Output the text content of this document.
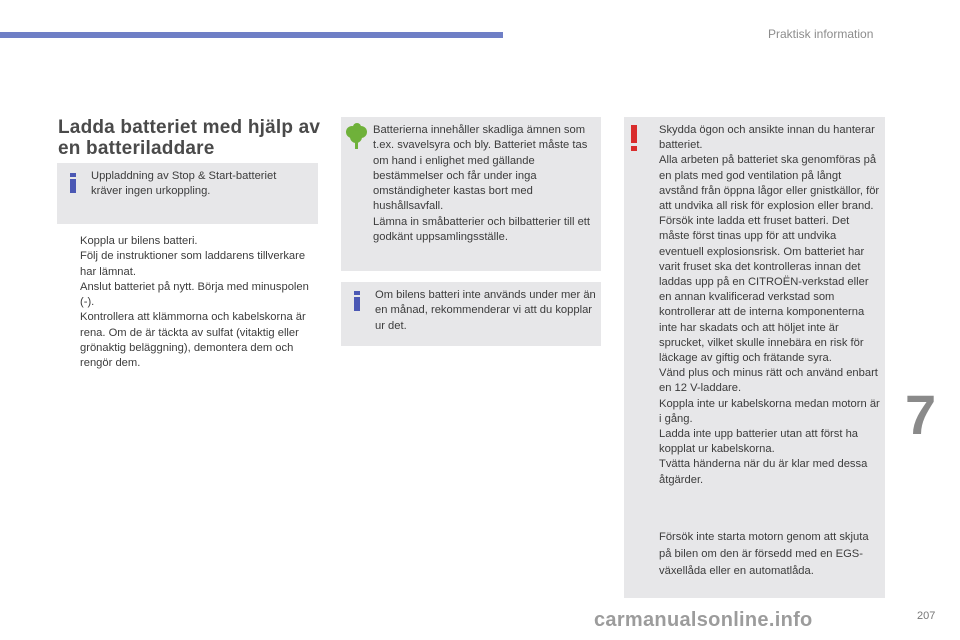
Praktisk information
Ladda batteriet med hjälp av en batteriladdare
Uppladdning av Stop & Start-batteriet kräver ingen urkoppling.
Koppla ur bilens batteri.
Följ de instruktioner som laddarens tillverkare har lämnat.
Anslut batteriet på nytt. Börja med minuspolen (-).
Kontrollera att klämmorna och kabelskorna är rena. Om de är täckta av sulfat (vitaktig eller grönaktig beläggning), demontera dem och rengör dem.
Batterierna innehåller skadliga ämnen som t.ex. svavelsyra och bly. Batteriet måste tas om hand i enlighet med gällande bestämmelser och får under inga omständigheter kastas bort med hushållsavfall.
Lämna in småbatterier och bilbatterier till ett godkänt uppsamlingsställe.
Om bilens batteri inte används under mer än en månad, rekommenderar vi att du kopplar ur det.
Skydda ögon och ansikte innan du hanterar batteriet.
Alla arbeten på batteriet ska genomföras på en plats med god ventilation på långt avstånd från öppna lågor eller gnistkällor, för att undvika all risk för explosion eller brand.
Försök inte ladda ett fruset batteri. Det måste först tinas upp för att undvika eventuell explosionsrisk. Om batteriet har varit fruset ska det kontrolleras innan det laddas upp på en CITROËN-verkstad eller en annan kvalificerad verkstad som kontrollerar att de interna komponenterna inte har skadats och att höljet inte är sprucket, vilket skulle innebära en risk för läckage av giftig och frätande syra.
Vänd plus och minus rätt och använd enbart en 12 V-laddare.
Koppla inte ur kabelskorna medan motorn är i gång.
Ladda inte upp batterier utan att först ha kopplat ur kabelskorna.
Tvätta händerna när du är klar med dessa åtgärder.
Försök inte starta motorn genom att skjuta på bilen om den är försedd med en EGS-växellåda eller en automatlåda.
7
carmanualsonline.info	207
